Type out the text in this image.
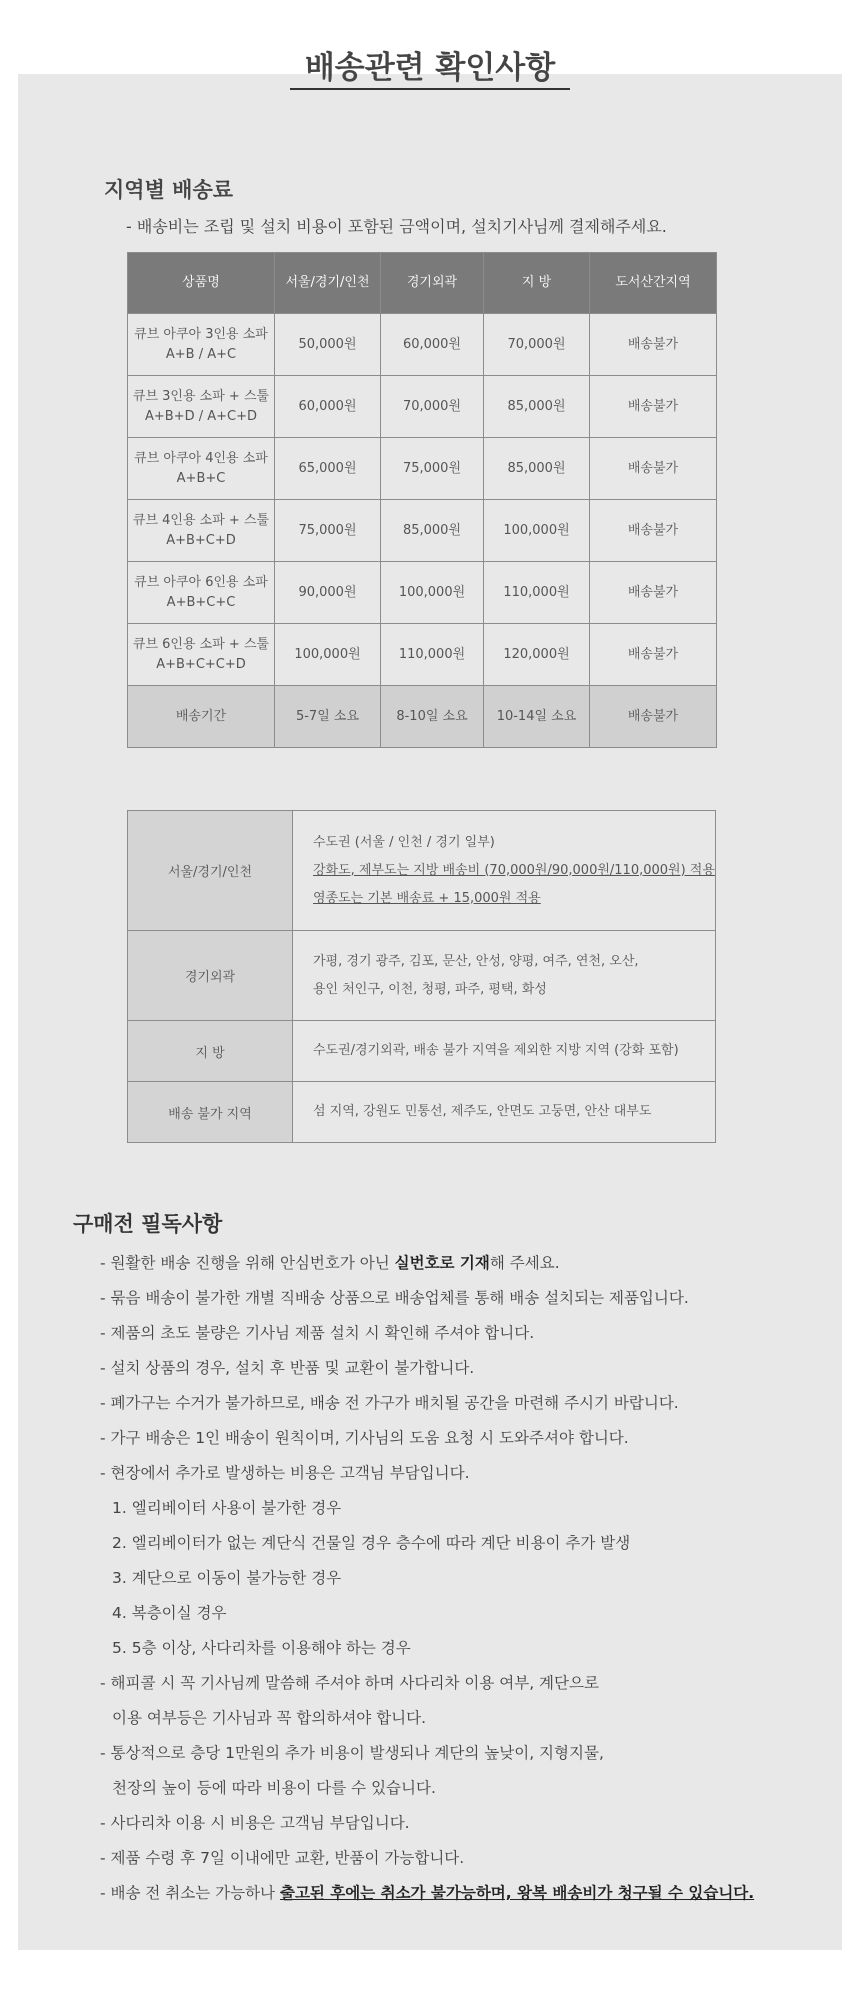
배송관련 확인사항
지역별 배송료
- 배송비는 조립 및 설치 비용이 포함된 금액이며, 설치기사님께 결제해주세요.
상품명	서울/경기/인천	경기외곽	지 방	도서산간지역

큐브 아쿠아 3인용 소파
A+B / A+C	50,000원	60,000원	70,000원	배송불가

큐브 3인용 소파 + 스툴
A+B+D / A+C+D	60,000원	70,000원	85,000원	배송불가

큐브 아쿠아 4인용 소파
A+B+C	65,000원	75,000원	85,000원	배송불가

큐브 4인용 소파 + 스툴
A+B+C+D	75,000원	85,000원	100,000원	배송불가

큐브 아쿠아 6인용 소파
A+B+C+C	90,000원	100,000원	110,000원	배송불가

큐브 6인용 소파 + 스툴
A+B+C+C+D	100,000원	110,000원	120,000원	배송불가
배송기간	5-7일 소요	8-10일 소요	10-14일 소요	배송불가
서울/경기/인천	수도권 (서울 / 인천 / 경기 일부)
강화도, 제부도는 지방 배송비 (70,000원/90,000원/110,000원) 적용
영종도는 기본 배송료 + 15,000원 적용

경기외곽	가평, 경기 광주, 김포, 문산, 안성, 양평, 여주, 연천, 오산,
용인 처인구, 이천, 청평, 파주, 평택, 화성

지 방	수도권/경기외곽, 배송 불가 지역을 제외한 지방 지역 (강화 포함)
배송 불가 지역	섬 지역, 강원도 민통선, 제주도, 안면도 고둥면, 안산 대부도
구매전 필독사항
- 원활한 배송 진행을 위해 안심번호가 아닌 실번호로 기재해 주세요.
- 묶음 배송이 불가한 개별 직배송 상품으로 배송업체를 통해 배송 설치되는 제품입니다.
- 제품의 초도 불량은 기사님 제품 설치 시 확인해 주셔야 합니다.
- 설치 상품의 경우, 설치 후 반품 및 교환이 불가합니다.
- 폐가구는 수거가 불가하므로, 배송 전 가구가 배치될 공간을 마련해 주시기 바랍니다.
- 가구 배송은 1인 배송이 원칙이며, 기사님의 도움 요청 시 도와주셔야 합니다.
- 현장에서 추가로 발생하는 비용은 고객님 부담입니다.
1. 엘리베이터 사용이 불가한 경우
2. 엘리베이터가 없는 계단식 건물일 경우 층수에 따라 계단 비용이 추가 발생
3. 계단으로 이동이 불가능한 경우
4. 복층이실 경우
5. 5층 이상, 사다리차를 이용해야 하는 경우
- 해피콜 시 꼭 기사님께 말씀해 주셔야 하며 사다리차 이용 여부, 계단으로
이용 여부등은 기사님과 꼭 합의하셔야 합니다.
- 통상적으로 층당 1만원의 추가 비용이 발생되나 계단의 높낮이, 지형지물,
천장의 높이 등에 따라 비용이 다를 수 있습니다.
- 사다리차 이용 시 비용은 고객님 부담입니다.
- 제품 수령 후 7일 이내에만 교환, 반품이 가능합니다.
- 배송 전 취소는 가능하나 출고된 후에는 취소가 불가능하며, 왕복 배송비가 청구될 수 있습니다.
